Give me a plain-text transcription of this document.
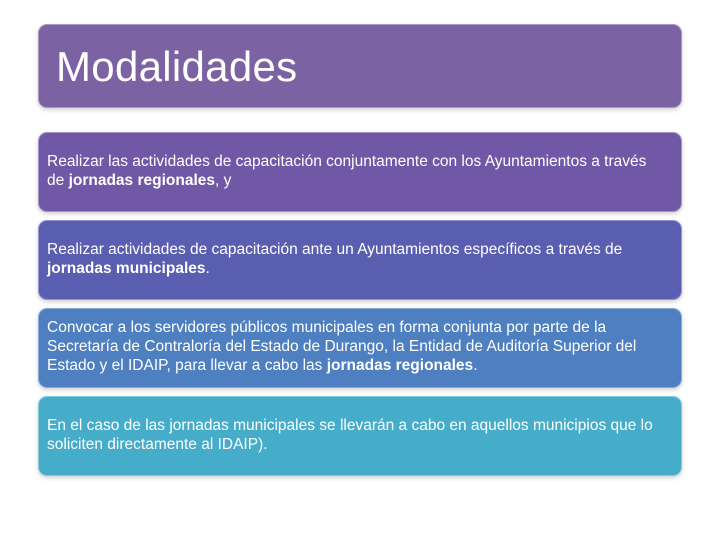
Modalidades
Realizar las actividades de capacitación conjuntamente con los Ayuntamientos a través de jornadas regionales, y
Realizar actividades de capacitación ante un Ayuntamientos específicos a través de jornadas municipales.
Convocar a los servidores públicos municipales en forma conjunta por parte de la Secretaría de Contraloría del Estado de Durango, la Entidad de Auditoría Superior del Estado y el IDAIP, para llevar a cabo las jornadas regionales.
En el caso de las jornadas municipales se llevarán a cabo en aquellos municipios que lo soliciten directamente al IDAIP).
